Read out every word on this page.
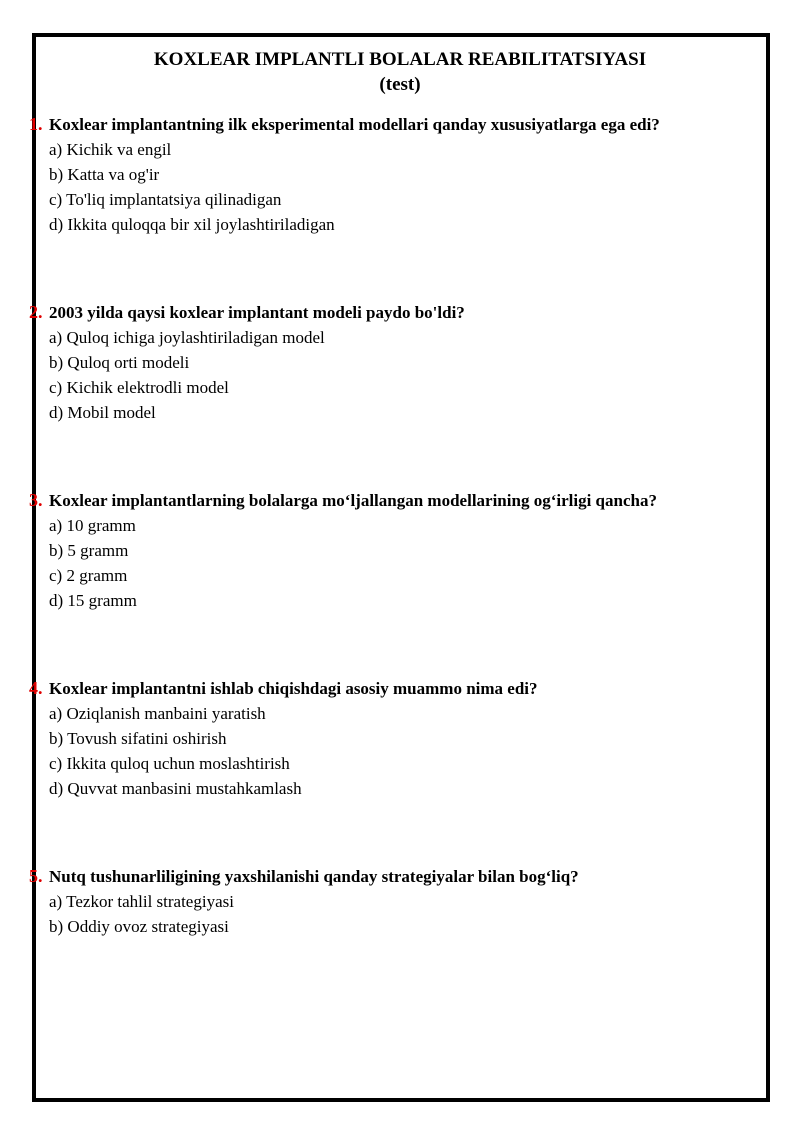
KOXLEAR IMPLANTLI BOLALAR REABILITATSIYASI
(test)
1. Koxlear implantantning ilk eksperimental modellari qanday xususiyatlarga ega edi?
a) Kichik va engil
b) Katta va og'ir
c) To'liq implantatsiya qilinadigan
d) Ikkita quloqqa bir xil joylashtiriladigan
2. 2003 yilda qaysi koxlear implantant modeli paydo bo'ldi?
a) Quloq ichiga joylashtiriladigan model
b) Quloq orti modeli
c) Kichik elektrodli model
d) Mobil model
3. Koxlear implantantlarning bolalarga mo‘ljallangan modellarining og‘irligi qancha?
a) 10 gramm
b) 5 gramm
c) 2 gramm
d) 15 gramm
4. Koxlear implantantni ishlab chiqishdagi asosiy muammo nima edi?
a) Oziqlanish manbaini yaratish
b) Tovush sifatini oshirish
c) Ikkita quloq uchun moslashtirish
d) Quvvat manbasini mustahkamlash
5. Nutq tushunarliligining yaxshilanishi qanday strategiyalar bilan bog‘liq?
a) Tezkor tahlil strategiyasi
b) Oddiy ovoz strategiyasi
